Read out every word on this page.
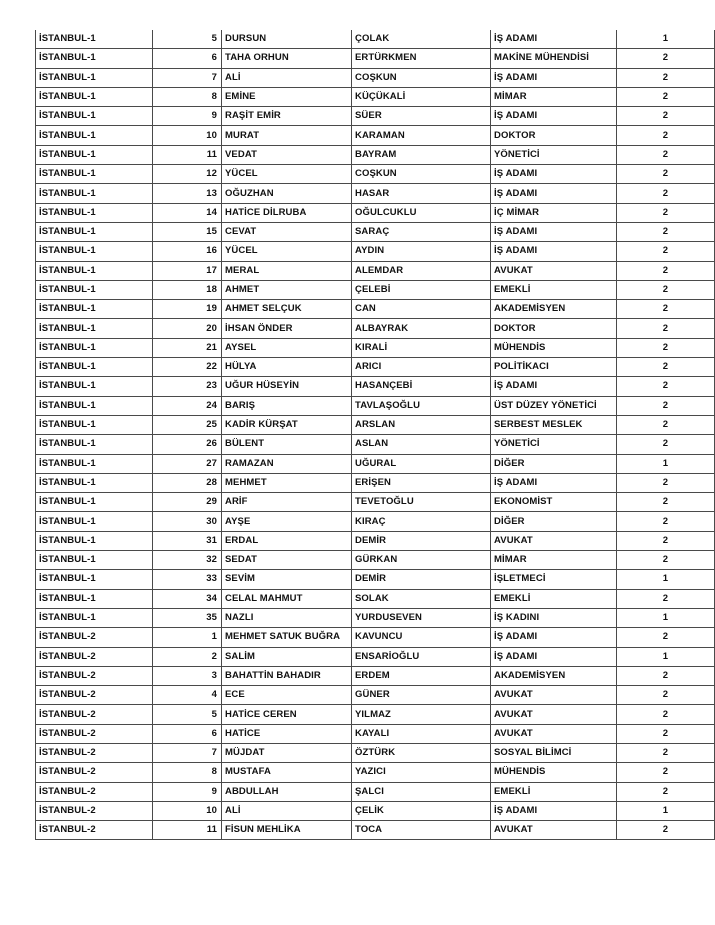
İSTANBUL-1	5	DURSUN	ÇOLAK	İŞ ADAMI	1
İSTANBUL-1	6	TAHA ORHUN	ERTÜRKMEN	MAKİNE MÜHENDİSİ	2
İSTANBUL-1	7	ALİ	COŞKUN	İŞ ADAMI	2
İSTANBUL-1	8	EMİNE	KÜÇÜKALİ	MİMAR	2
İSTANBUL-1	9	RAŞİT EMİR	SÜER	İŞ ADAMI	2
İSTANBUL-1	10	MURAT	KARAMAN	DOKTOR	2
İSTANBUL-1	11	VEDAT	BAYRAM	YÖNETİCİ	2
İSTANBUL-1	12	YÜCEL	COŞKUN	İŞ ADAMI	2
İSTANBUL-1	13	OĞUZHAN	HASAR	İŞ ADAMI	2
İSTANBUL-1	14	HATİCE DİLRUBA	OĞULCUKLU	İÇ MİMAR	2
İSTANBUL-1	15	CEVAT	SARAÇ	İŞ ADAMI	2
İSTANBUL-1	16	YÜCEL	AYDIN	İŞ ADAMI	2
İSTANBUL-1	17	MERAL	ALEMDAR	AVUKAT	2
İSTANBUL-1	18	AHMET	ÇELEBİ	EMEKLİ	2
İSTANBUL-1	19	AHMET SELÇUK	CAN	AKADEMİSYEN	2
İSTANBUL-1	20	İHSAN ÖNDER	ALBAYRAK	DOKTOR	2
İSTANBUL-1	21	AYSEL	KIRALİ	MÜHENDİS	2
İSTANBUL-1	22	HÜLYA	ARICI	POLİTİKACI	2
İSTANBUL-1	23	UĞUR HÜSEYİN	HASANÇEBİ	İŞ ADAMI	2
İSTANBUL-1	24	BARIŞ	TAVLAŞOĞLU	ÜST DÜZEY YÖNETİCİ	2
İSTANBUL-1	25	KADİR KÜRŞAT	ARSLAN	SERBEST MESLEK	2
İSTANBUL-1	26	BÜLENT	ASLAN	YÖNETİCİ	2
İSTANBUL-1	27	RAMAZAN	UĞURAL	DİĞER	1
İSTANBUL-1	28	MEHMET	ERİŞEN	İŞ ADAMI	2
İSTANBUL-1	29	ARİF	TEVETOĞLU	EKONOMİST	2
İSTANBUL-1	30	AYŞE	KIRAÇ	DİĞER	2
İSTANBUL-1	31	ERDAL	DEMİR	AVUKAT	2
İSTANBUL-1	32	SEDAT	GÜRKAN	MİMAR	2
İSTANBUL-1	33	SEVİM	DEMİR	İŞLETMECİ	1
İSTANBUL-1	34	CELAL MAHMUT	SOLAK	EMEKLİ	2
İSTANBUL-1	35	NAZLI	YURDUSEVEN	İŞ KADINI	1
İSTANBUL-2	1	MEHMET SATUK BUĞRA	KAVUNCU	İŞ ADAMI	2
İSTANBUL-2	2	SALİM	ENSARİOĞLU	İŞ ADAMI	1
İSTANBUL-2	3	BAHATTİN BAHADIR	ERDEM	AKADEMİSYEN	2
İSTANBUL-2	4	ECE	GÜNER	AVUKAT	2
İSTANBUL-2	5	HATİCE CEREN	YILMAZ	AVUKAT	2
İSTANBUL-2	6	HATİCE	KAYALI	AVUKAT	2
İSTANBUL-2	7	MÜJDAT	ÖZTÜRK	SOSYAL BİLİMCİ	2
İSTANBUL-2	8	MUSTAFA	YAZICI	MÜHENDİS	2
İSTANBUL-2	9	ABDULLAH	ŞALCI	EMEKLİ	2
İSTANBUL-2	10	ALİ	ÇELİK	İŞ ADAMI	1
İSTANBUL-2	11	FİSUN MEHLİKA	TOCA	AVUKAT	2
